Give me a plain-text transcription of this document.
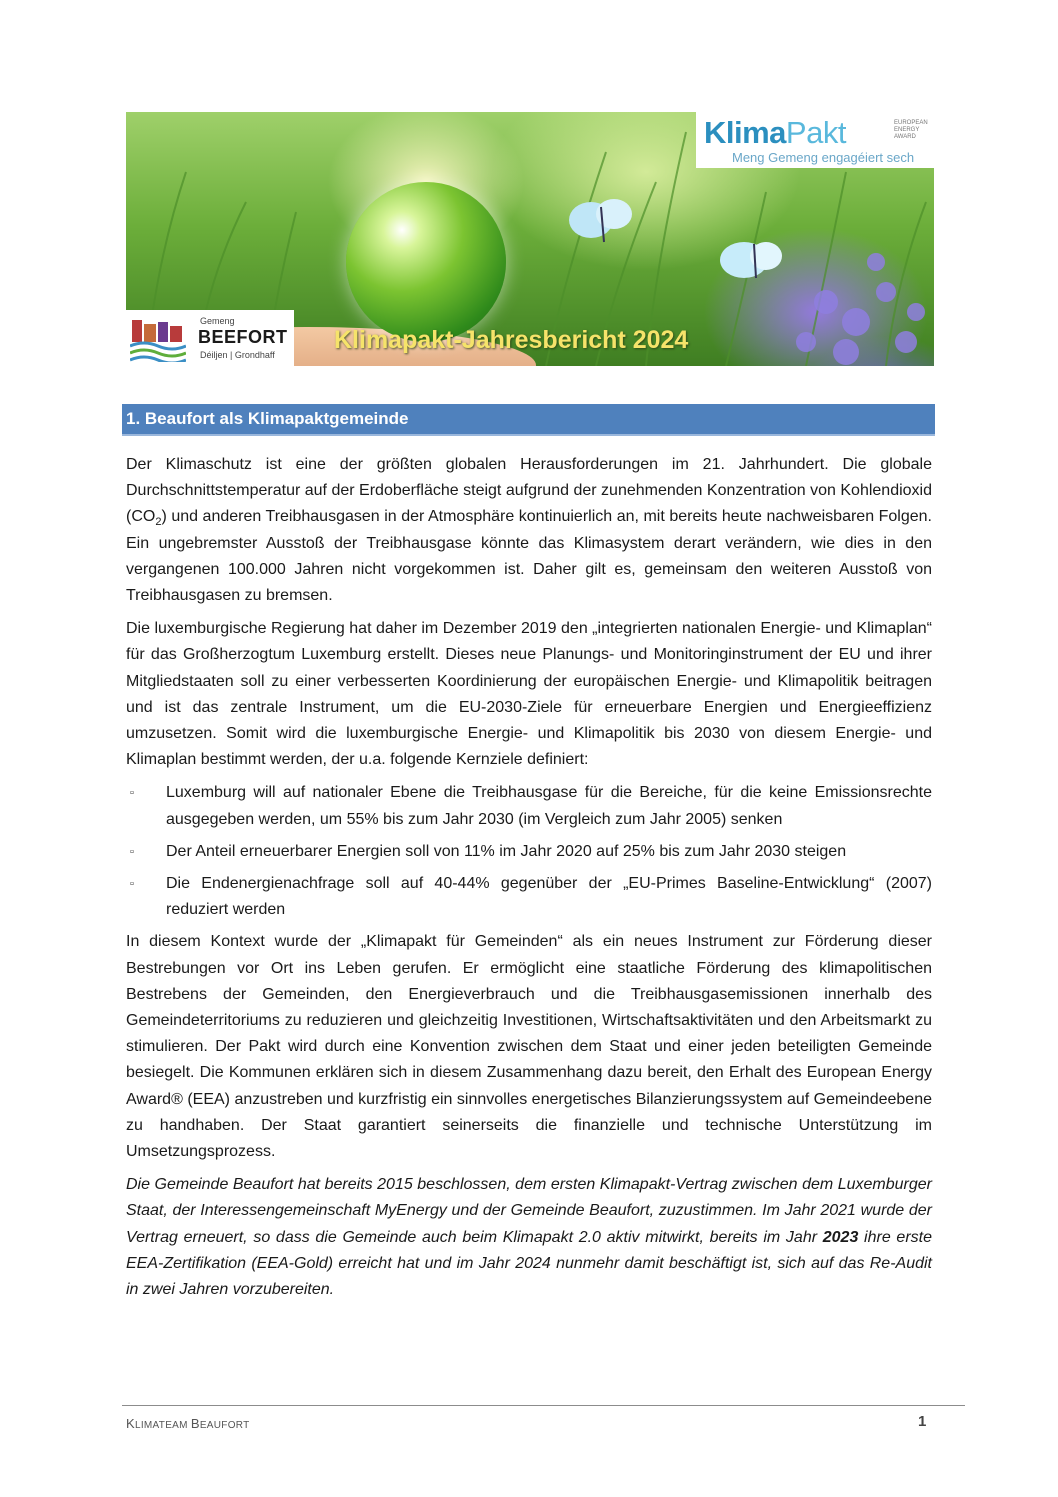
KlimaPakt	EUROPEAN
ENERGY
AWARD
Meng Gemeng engagéiert sech
Gemeng
BEEFORT
Déiljen | Grondhaff
Klimapakt-Jahresbericht 2024
1. Beaufort als Klimapaktgemeinde

Der Klimaschutz ist eine der größten globalen Herausforderungen im 21. Jahrhundert. Die globale Durchschnittstemperatur auf der Erdoberfläche steigt aufgrund der zunehmenden Konzentration von Kohlendioxid $(CO_2)$ und anderen Treibhausgasen in der Atmosphäre kontinuierlich an, mit bereits heute nachweisbaren Folgen. Ein ungebremster Ausstoß der Treibhausgase könnte das Klimasystem derart verändern, wie dies in den vergangenen 100.000 Jahren nicht vorgekommen ist. Daher gilt es, gemeinsam den weiteren Ausstoß von Treibhausgasen zu bremsen.

Die luxemburgische Regierung hat daher im Dezember 2019 den „integrierten nationalen Energie- und Klimaplan“ für das Großherzogtum Luxemburg erstellt. Dieses neue Planungs- und Monitoringinstrument der EU und ihrer Mitgliedstaaten soll zu einer verbesserten Koordinierung der europäischen Energie- und Klimapolitik beitragen und ist das zentrale Instrument, um die EU-2030-Ziele für erneuerbare Energien und Energieeffizienz umzusetzen. Somit wird die luxemburgische Energie- und Klimapolitik bis 2030 von diesem Energie- und Klimaplan bestimmt werden, der u.a. folgende Kernziele definiert:

▫ Luxemburg will auf nationaler Ebene die Treibhausgase für die Bereiche, für die keine Emissionsrechte ausgegeben werden, um 55% bis zum Jahr 2030 (im Vergleich zum Jahr 2005) senken
▫ Der Anteil erneuerbarer Energien soll von 11% im Jahr 2020 auf 25% bis zum Jahr 2030 steigen
▫ Die Endenergienachfrage soll auf 40-44% gegenüber der „EU-Primes Baseline-Entwicklung“ (2007) reduziert werden

In diesem Kontext wurde der „Klimapakt für Gemeinden“ als ein neues Instrument zur Förderung dieser Bestrebungen vor Ort ins Leben gerufen. Er ermöglicht eine staatliche Förderung des klimapolitischen Bestrebens der Gemeinden, den Energieverbrauch und die Treibhausgasemissionen innerhalb des Gemeindeterritoriums zu reduzieren und gleichzeitig Investitionen, Wirtschaftsaktivitäten und den Arbeitsmarkt zu stimulieren. Der Pakt wird durch eine Konvention zwischen dem Staat und einer jeden beteiligten Gemeinde besiegelt. Die Kommunen erklären sich in diesem Zusammenhang dazu bereit, den Erhalt des European Energy Award® (EEA) anzustreben und kurzfristig ein sinnvolles energetisches Bilanzierungssystem auf Gemeindeebene zu handhaben. Der Staat garantiert seinerseits die finanzielle und technische Unterstützung im Umsetzungsprozess.

Die Gemeinde Beaufort hat bereits 2015 beschlossen, dem ersten Klimapakt-Vertrag zwischen dem Luxemburger Staat, der Interessengemeinschaft MyEnergy und der Gemeinde Beaufort, zuzustimmen. Im Jahr 2021 wurde der Vertrag erneuert, so dass die Gemeinde auch beim Klimapakt 2.0 aktiv mitwirkt, bereits im Jahr 2023 ihre erste EEA-Zertifikation (EEA-Gold) erreicht hat und im Jahr 2024 nunmehr damit beschäftigt ist, sich auf das Re-Audit in zwei Jahren vorzubereiten.

KLIMATEAM BEAUFORT	1
